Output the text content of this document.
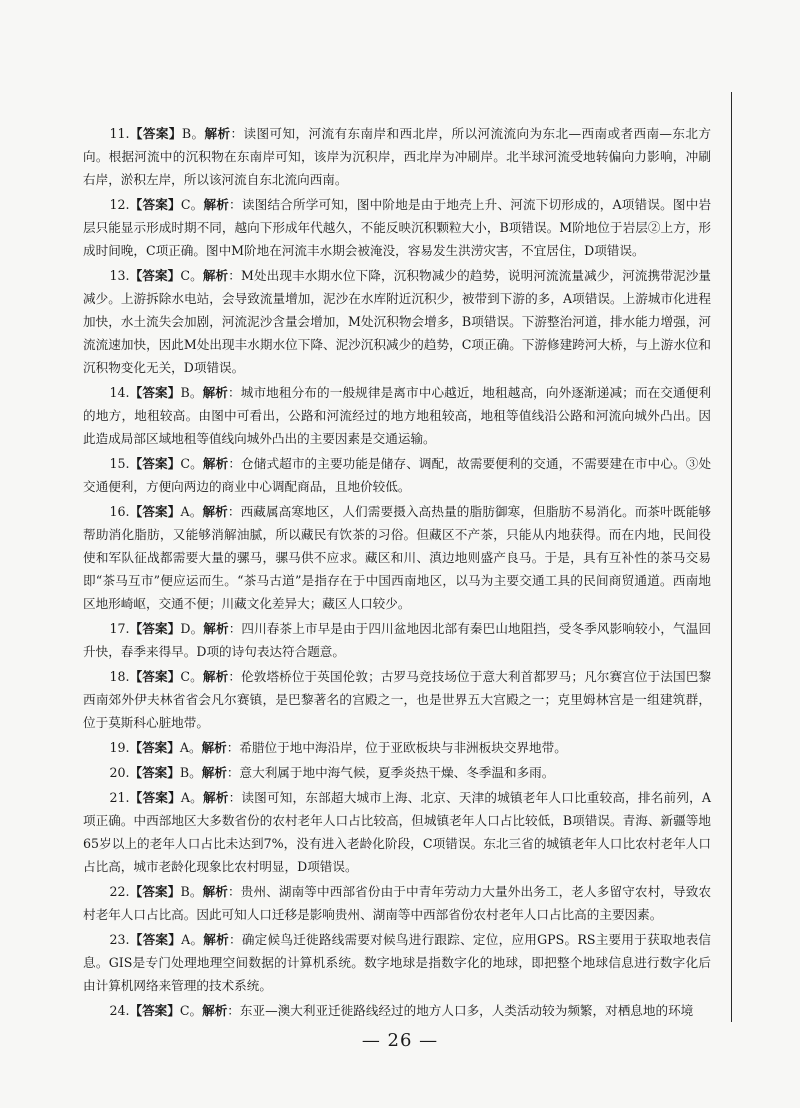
11.【答案】B。解析：读图可知，河流有东南岸和西北岸，所以河流流向为东北—西南或者西南—东北方向。根据河流中的沉积物在东南岸可知，该岸为沉积岸，西北岸为冲刷岸。北半球河流受地转偏向力影响，冲刷右岸，淤积左岸，所以该河流自东北流向西南。

12.【答案】C。解析：读图结合所学可知，图中阶地是由于地壳上升、河流下切形成的，A项错误。图中岩层只能显示形成时期不同，越向下形成年代越久，不能反映沉积颗粒大小，B项错误。M阶地位于岩层②上方，形成时间晚，C项正确。图中M阶地在河流丰水期会被淹没，容易发生洪涝灾害，不宜居住，D项错误。

13.【答案】C。解析：M处出现丰水期水位下降，沉积物减少的趋势，说明河流流量减少，河流携带泥沙量减少。上游拆除水电站，会导致流量增加，泥沙在水库附近沉积少，被带到下游的多，A项错误。上游城市化进程加快，水土流失会加剧，河流泥沙含量会增加，M处沉积物会增多，B项错误。下游整治河道，排水能力增强，河流流速加快，因此M处出现丰水期水位下降、泥沙沉积减少的趋势，C项正确。下游修建跨河大桥，与上游水位和沉积物变化无关，D项错误。

14.【答案】B。解析：城市地租分布的一般规律是离市中心越近，地租越高，向外逐渐递减；而在交通便利的地方，地租较高。由图中可看出，公路和河流经过的地方地租较高，地租等值线沿公路和河流向城外凸出。因此造成局部区域地租等值线向城外凸出的主要因素是交通运输。

15.【答案】C。解析：仓储式超市的主要功能是储存、调配，故需要便利的交通，不需要建在市中心。③处交通便利，方便向两边的商业中心调配商品，且地价较低。

16.【答案】A。解析：西藏属高寒地区，人们需要摄入高热量的脂肪御寒，但脂肪不易消化。而茶叶既能够帮助消化脂肪，又能够消解油腻，所以藏民有饮茶的习俗。但藏区不产茶，只能从内地获得。而在内地，民间役使和军队征战都需要大量的骡马，骡马供不应求。藏区和川、滇边地则盛产良马。于是，具有互补性的茶马交易即“茶马互市”便应运而生。“茶马古道”是指存在于中国西南地区，以马为主要交通工具的民间商贸通道。西南地区地形崎岖，交通不便；川藏文化差异大；藏区人口较少。

17.【答案】D。解析：四川春茶上市早是由于四川盆地因北部有秦巴山地阻挡，受冬季风影响较小，气温回升快，春季来得早。D项的诗句表达符合题意。

18.【答案】C。解析：伦敦塔桥位于英国伦敦；古罗马竞技场位于意大利首都罗马；凡尔赛宫位于法国巴黎西南郊外伊夫林省省会凡尔赛镇，是巴黎著名的宫殿之一，也是世界五大宫殿之一；克里姆林宫是一组建筑群，位于莫斯科心脏地带。

19.【答案】A。解析：希腊位于地中海沿岸，位于亚欧板块与非洲板块交界地带。

20.【答案】B。解析：意大利属于地中海气候，夏季炎热干燥、冬季温和多雨。

21.【答案】A。解析：读图可知，东部超大城市上海、北京、天津的城镇老年人口比重较高，排名前列，A项正确。中西部地区大多数省份的农村老年人口占比较高，但城镇老年人口占比较低，B项错误。青海、新疆等地65岁以上的老年人口占比未达到7%，没有进入老龄化阶段，C项错误。东北三省的城镇老年人口比农村老年人口占比高，城市老龄化现象比农村明显，D项错误。

22.【答案】B。解析：贵州、湖南等中西部省份由于中青年劳动力大量外出务工，老人多留守农村，导致农村老年人口占比高。因此可知人口迁移是影响贵州、湖南等中西部省份农村老年人口占比高的主要因素。

23.【答案】A。解析：确定候鸟迁徙路线需要对候鸟进行跟踪、定位，应用GPS。RS主要用于获取地表信息。GIS是专门处理地理空间数据的计算机系统。数字地球是指数字化的地球，即把整个地球信息进行数字化后由计算机网络来管理的技术系统。

24.【答案】C。解析：东亚—澳大利亚迁徙路线经过的地方人口多，人类活动较为频繁，对栖息地的环境

— 26 —
